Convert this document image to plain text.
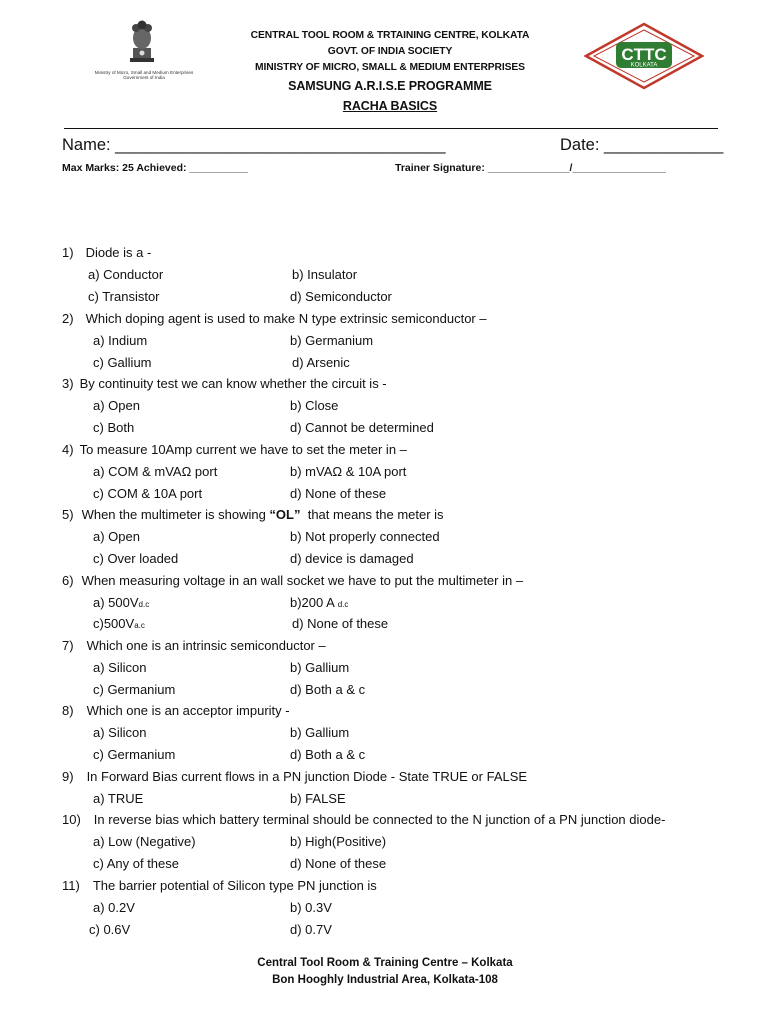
Ministry of Micro, Small and Medium Enterprises
Government of India
CENTRAL TOOL ROOM & TRTAINING CENTRE, KOLKATA
GOVT. OF INDIA SOCIETY
MINISTRY OF MICRO, SMALL & MEDIUM ENTERPRISES
SAMSUNG A.R.I.S.E PROGRAMME
RACHA BASICS
CTTC
KOLKATA
Name: ____________________________________	Date: _____________
Max Marks: 25 Achieved: __________	Trainer Signature: ______________/________________
1) Diode is a -
a) Conductor	b) Insulator
c) Transistor	d) Semiconductor
2) Which doping agent is used to make N type extrinsic semiconductor –
a) Indium	b) Germanium
c) Gallium	d) Arsenic
3) By continuity test we can know whether the circuit is -
a) Open	b) Close
c) Both	d) Cannot be determined
4) To measure 10Amp current we have to set the meter in –
a) COM & mVAΩ port	b) mVAΩ & 10A port
c) COM & 10A port	d) None of these
5) When the multimeter is showing “OL”  that means the meter is
a) Open	b) Not properly connected
c) Over loaded	d) device is damaged
6) When measuring voltage in an wall socket we have to put the multimeter in –
a) 500Vd.c	b)200 A d.c
c)500Va.c	d) None of these
7) Which one is an intrinsic semiconductor –
a) Silicon	b) Gallium
c) Germanium	d) Both a & c
8) Which one is an acceptor impurity -
a) Silicon	b) Gallium
c) Germanium	d) Both a & c
9) In Forward Bias current flows in a PN junction Diode - State TRUE or FALSE
a) TRUE	b) FALSE
10) In reverse bias which battery terminal should be connected to the N junction of a PN junction diode-
a) Low (Negative)	b) High(Positive)
c) Any of these	d) None of these
11) The barrier potential of Silicon type PN junction is
a) 0.2V	b) 0.3V
c) 0.6V	d) 0.7V
Central Tool Room & Training Centre – Kolkata
Bon Hooghly Industrial Area, Kolkata-108
